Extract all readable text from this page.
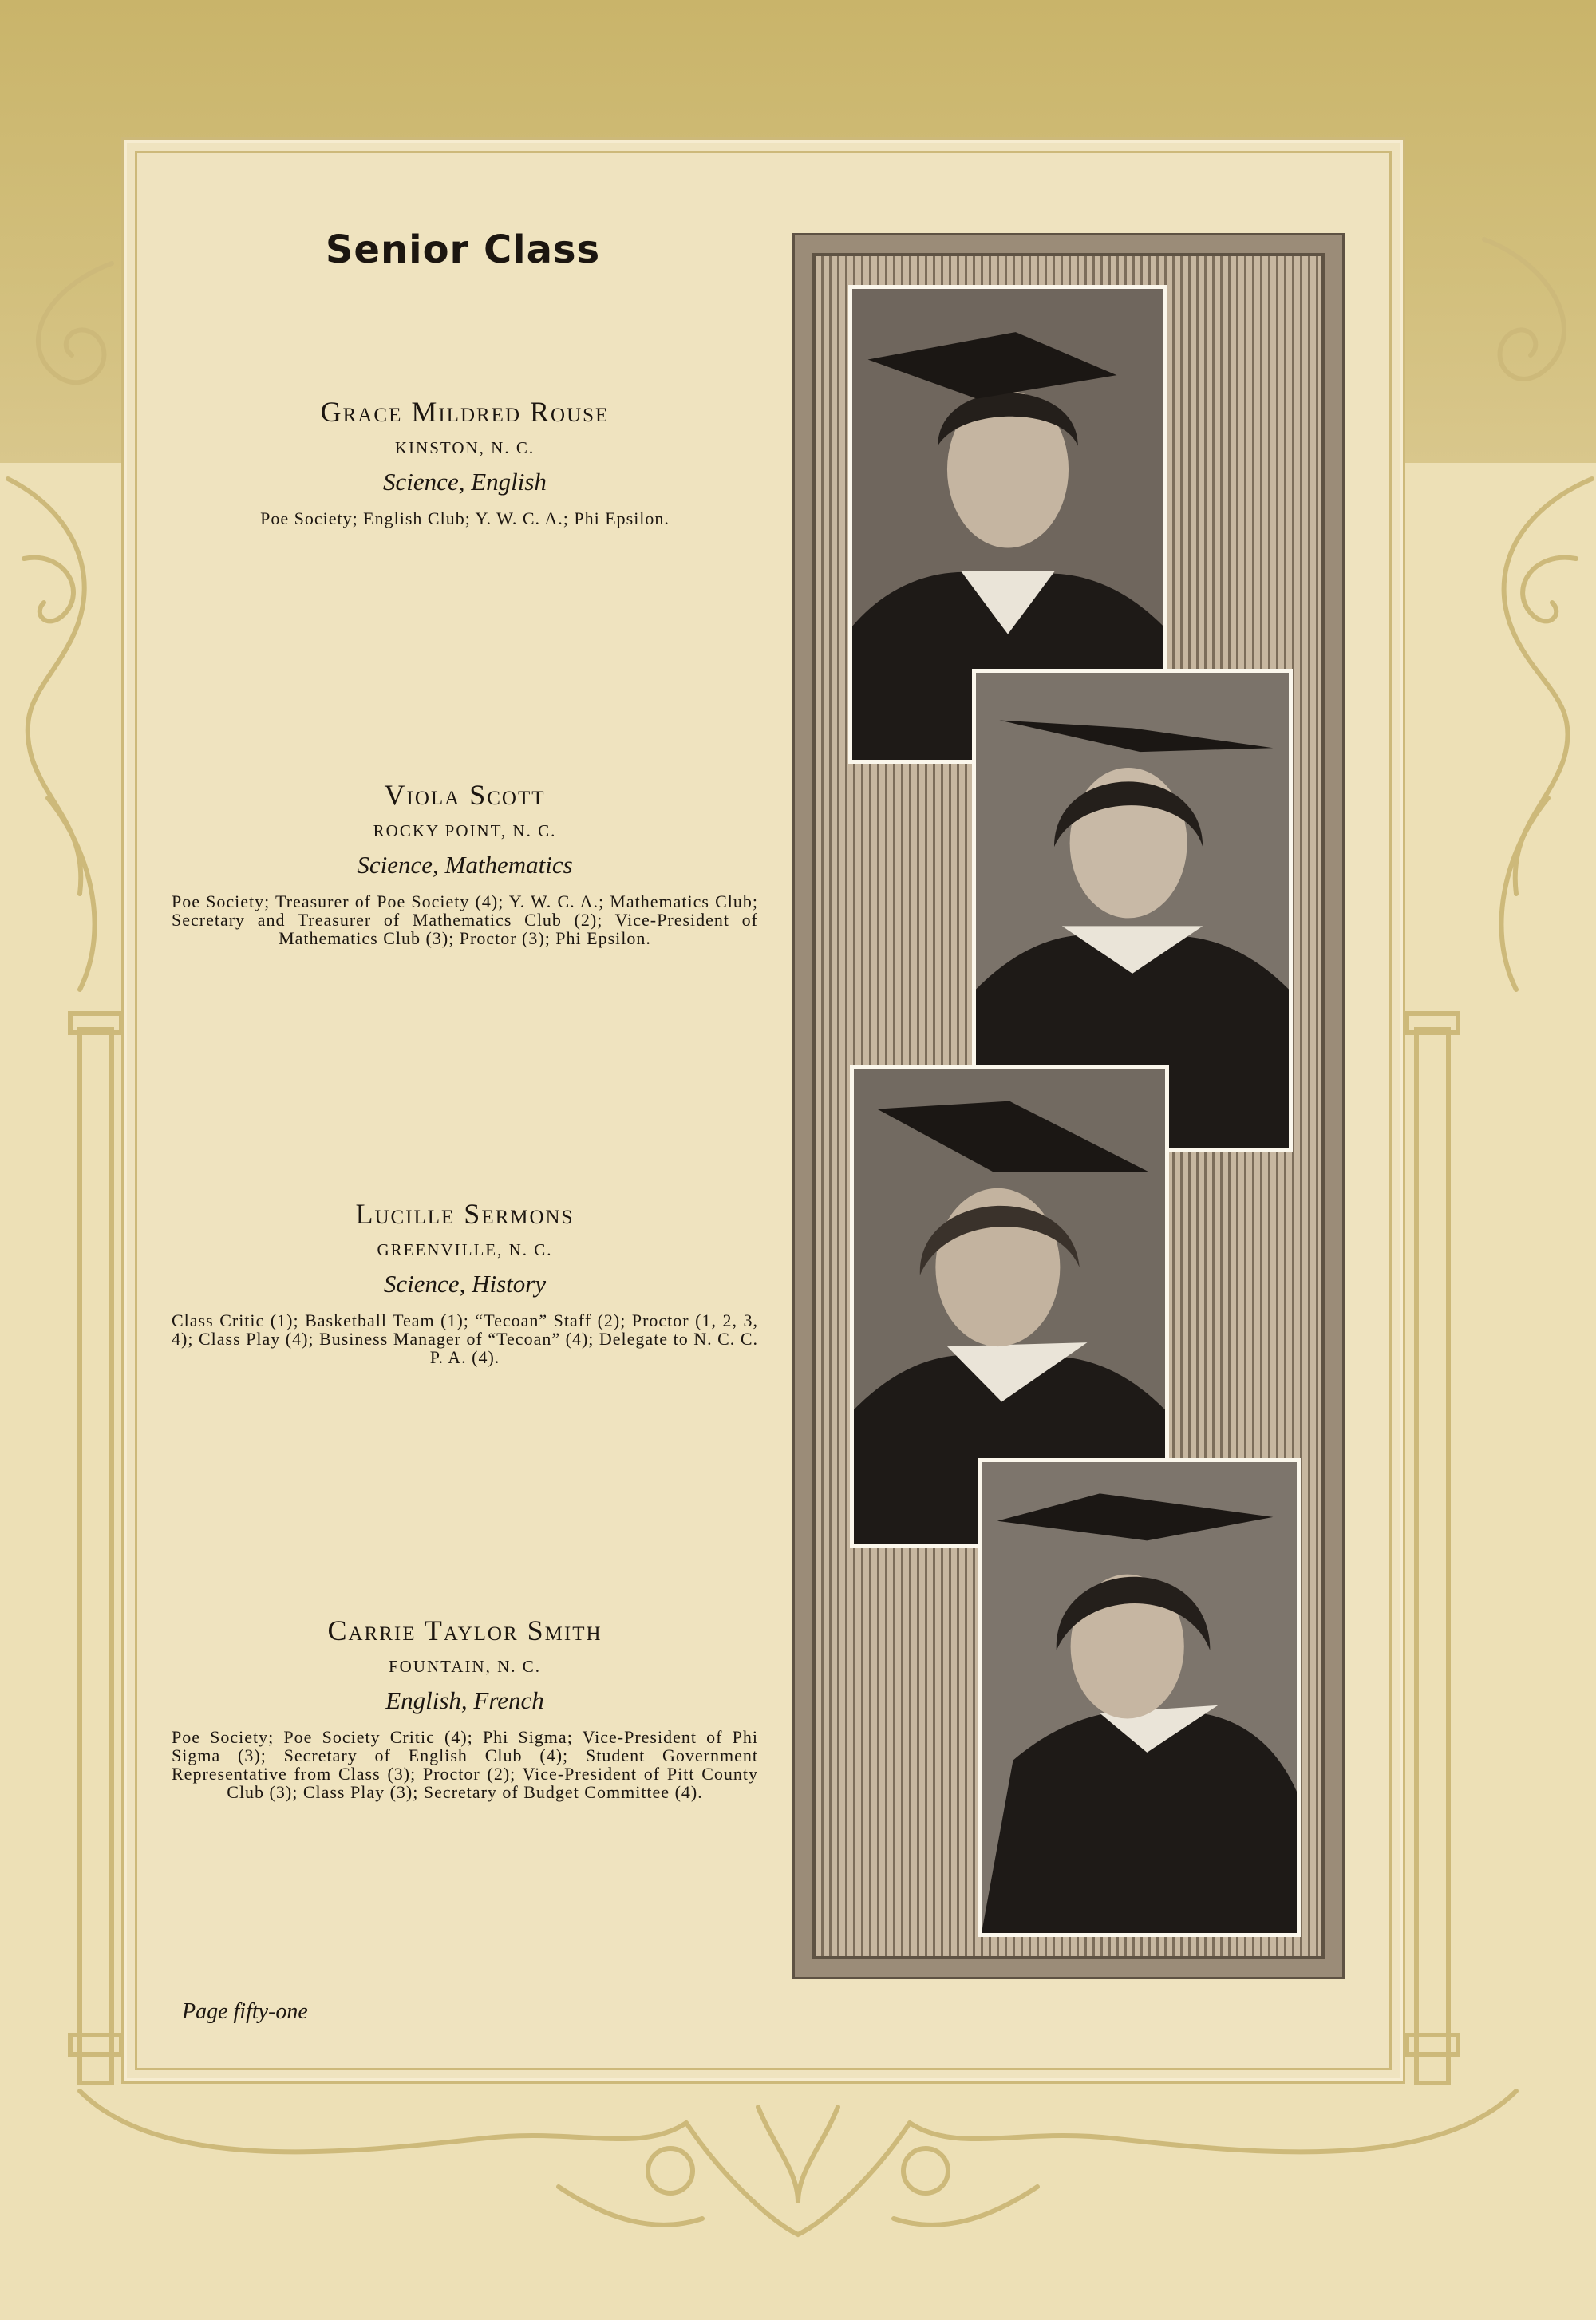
Senior Class

Grace Mildred Rouse

KINSTON, N. C.

Science, English

Poe Society; English Club; Y. W. C. A.; Phi Epsilon.

Viola Scott

ROCKY POINT, N. C.

Science, Mathematics

Poe Society; Treasurer of Poe Society (4); Y. W. C. A.; Mathematics Club; Secretary and Treasurer of Mathematics Club (2); Vice-President of Mathematics Club (3); Proctor (3); Phi Epsilon.

Lucille Sermons

GREENVILLE, N. C.

Science, History

Class Critic (1); Basketball Team (1); “Tecoan” Staff (2); Proctor (1, 2, 3, 4); Class Play (4); Business Manager of “Tecoan” (4); Delegate to N. C. C. P. A. (4).

Carrie Taylor Smith

FOUNTAIN, N. C.

English, French

Poe Society; Poe Society Critic (4); Phi Sigma; Vice-President of Phi Sigma (3); Secretary of English Club (4); Student Government Representative from Class (3); Proctor (2); Vice-President of Pitt County Club (3); Class Play (3); Secretary of Budget Committee (4).

Page fifty-one
